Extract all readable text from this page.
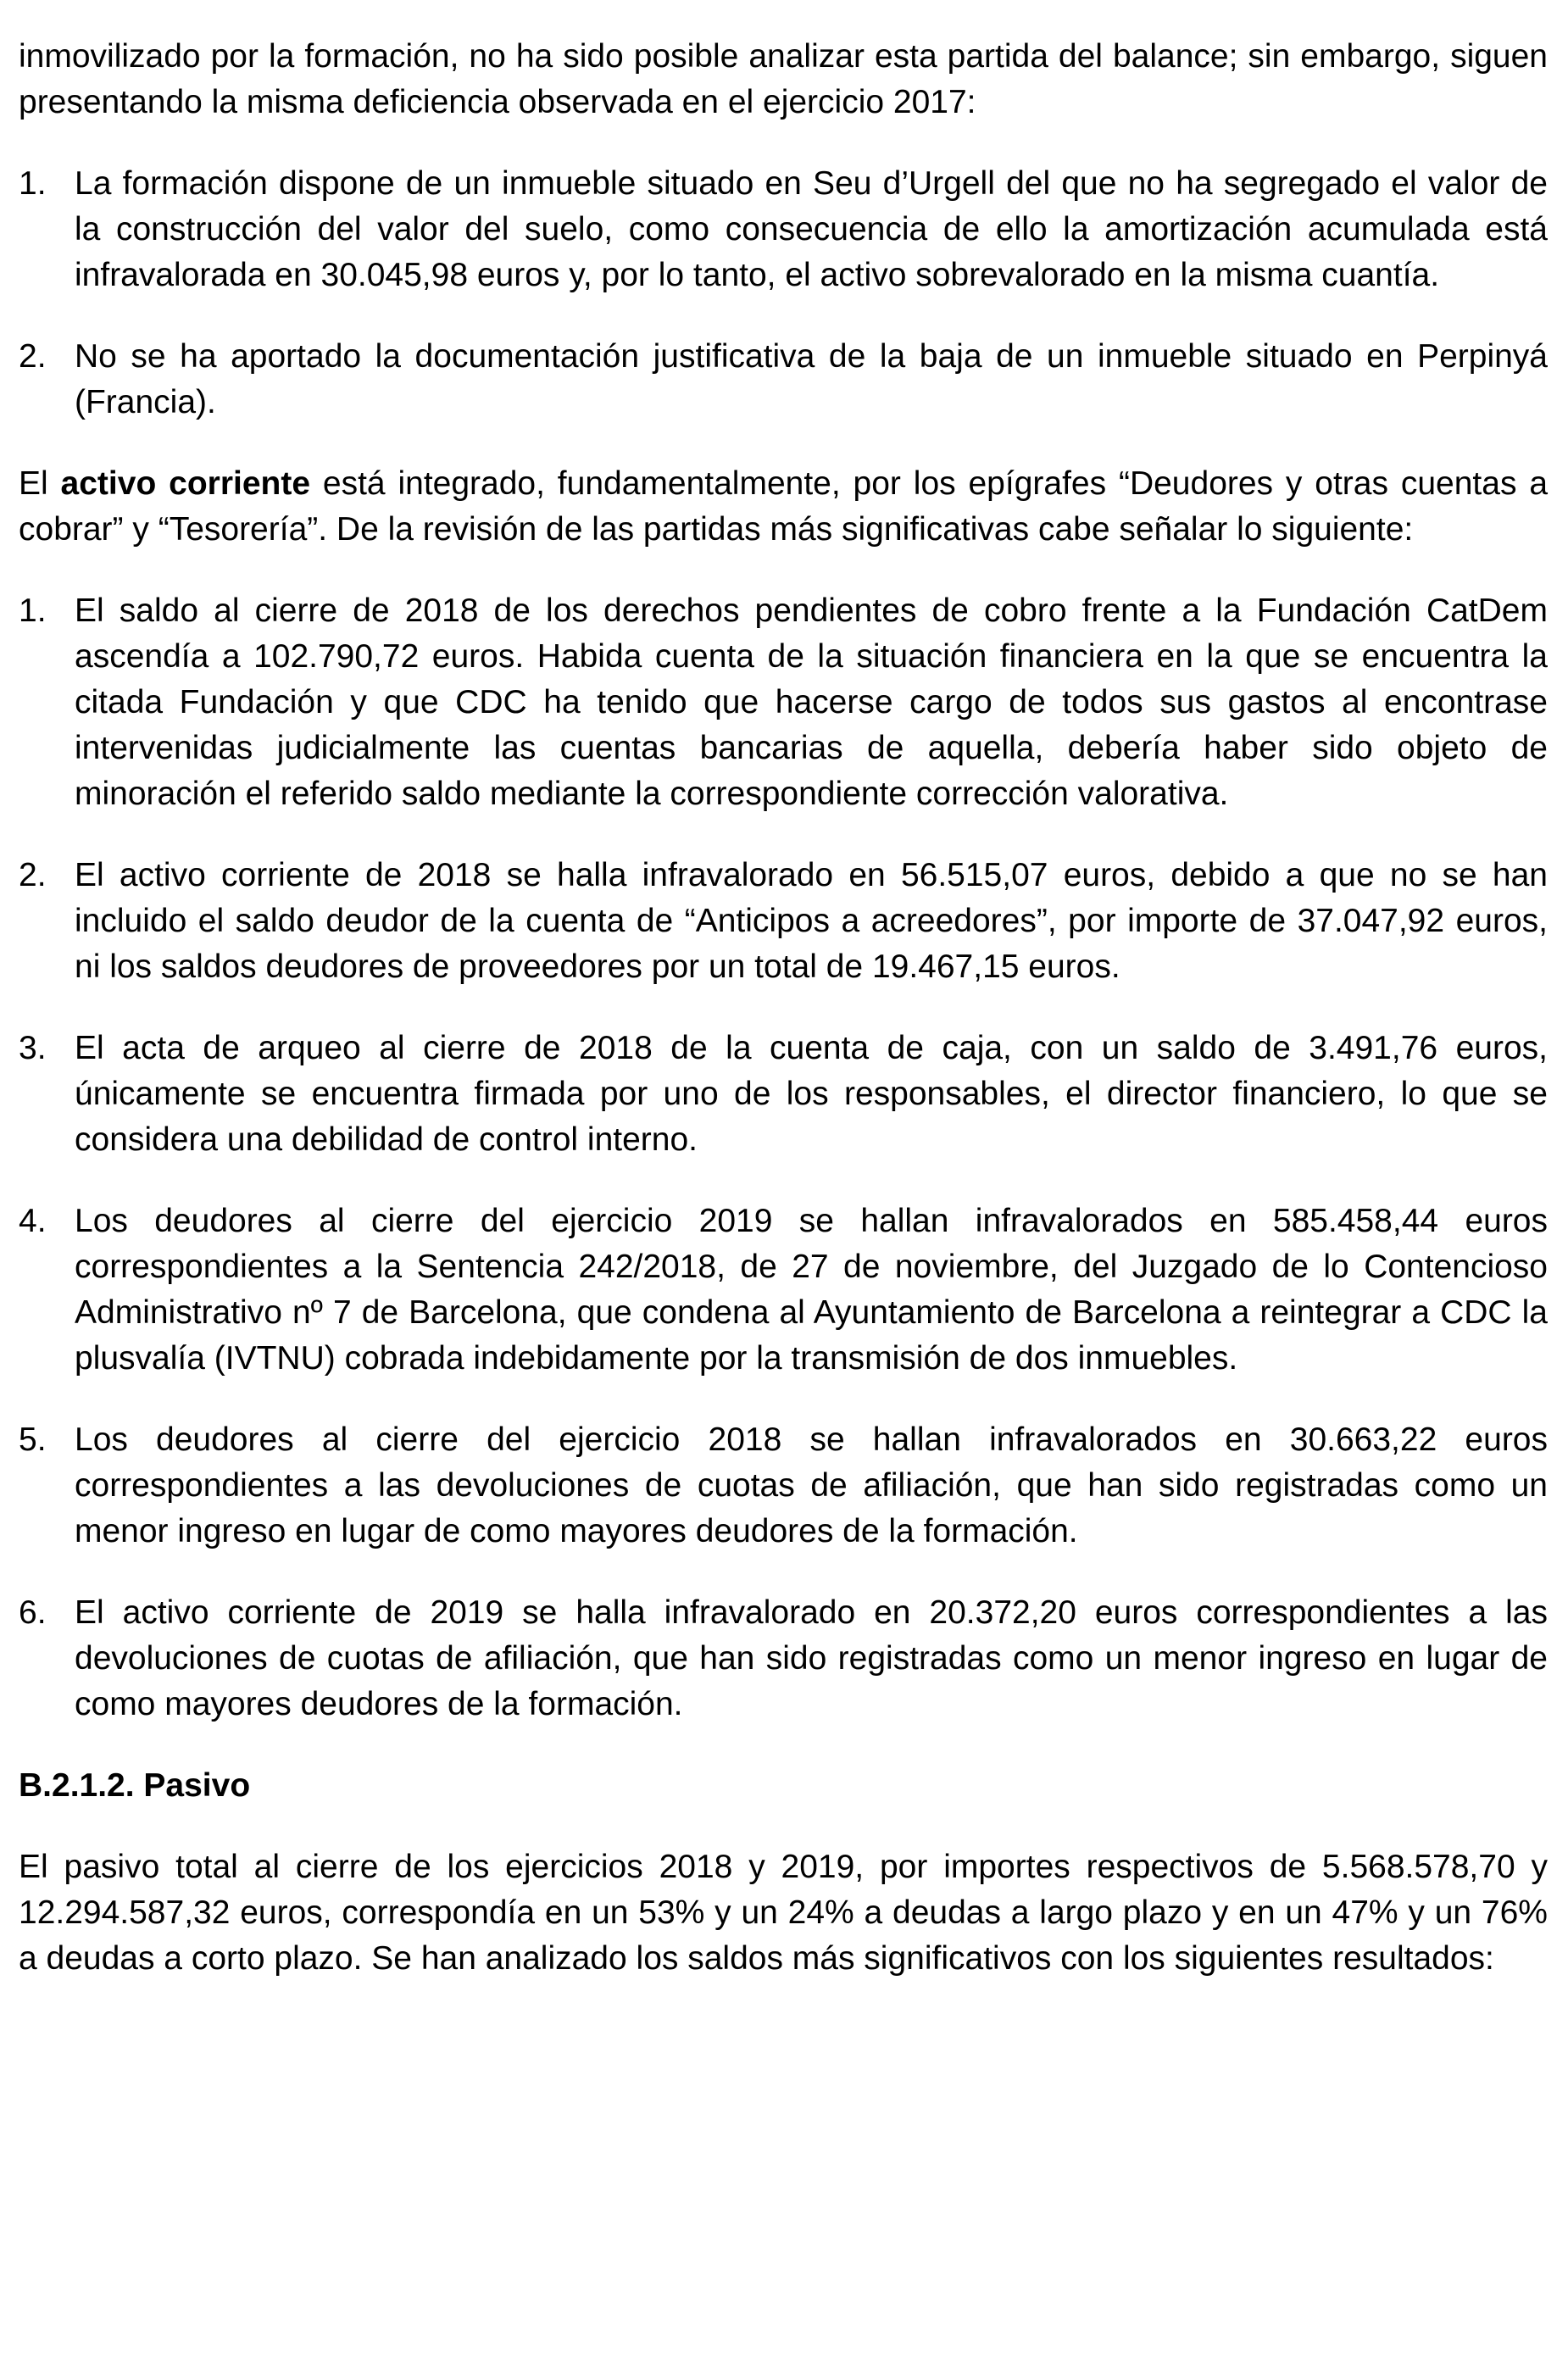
inmovilizado por la formación, no ha sido posible analizar esta partida del balance; sin embargo, siguen presentando la misma deficiencia observada en el ejercicio 2017:

1. La formación dispone de un inmueble situado en Seu d’Urgell del que no ha segregado el valor de la construcción del valor del suelo, como consecuencia de ello la amortización acumulada está infravalorada en 30.045,98 euros y, por lo tanto, el activo sobrevalorado en la misma cuantía.
2. No se ha aportado la documentación justificativa de la baja de un inmueble situado en Perpinyá (Francia).

El activo corriente está integrado, fundamentalmente, por los epígrafes “Deudores y otras cuentas a cobrar” y “Tesorería”. De la revisión de las partidas más significativas cabe señalar lo siguiente:

1. El saldo al cierre de 2018 de los derechos pendientes de cobro frente a la Fundación CatDem ascendía a 102.790,72 euros. Habida cuenta de la situación financiera en la que se encuentra la citada Fundación y que CDC ha tenido que hacerse cargo de todos sus gastos al encontrase intervenidas judicialmente las cuentas bancarias de aquella, debería haber sido objeto de minoración el referido saldo mediante la correspondiente corrección valorativa.
2. El activo corriente de 2018 se halla infravalorado en 56.515,07 euros, debido a que no se han incluido el saldo deudor de la cuenta de “Anticipos a acreedores”, por importe de 37.047,92 euros, ni los saldos deudores de proveedores por un total de 19.467,15 euros.
3. El acta de arqueo al cierre de 2018 de la cuenta de caja, con un saldo de 3.491,76 euros, únicamente se encuentra firmada por uno de los responsables, el director financiero, lo que se considera una debilidad de control interno.
4. Los deudores al cierre del ejercicio 2019 se hallan infravalorados en 585.458,44 euros correspondientes a la Sentencia 242/2018, de 27 de noviembre, del Juzgado de lo Contencioso Administrativo nº 7 de Barcelona, que condena al Ayuntamiento de Barcelona a reintegrar a CDC la plusvalía (IVTNU) cobrada indebidamente por la transmisión de dos inmuebles.
5. Los deudores al cierre del ejercicio 2018 se hallan infravalorados en 30.663,22 euros correspondientes a las devoluciones de cuotas de afiliación, que han sido registradas como un menor ingreso en lugar de como mayores deudores de la formación.
6. El activo corriente de 2019 se halla infravalorado en 20.372,20 euros correspondientes a las devoluciones de cuotas de afiliación, que han sido registradas como un menor ingreso en lugar de como mayores deudores de la formación.

B.2.1.2. Pasivo

El pasivo total al cierre de los ejercicios 2018 y 2019, por importes respectivos de 5.568.578,70 y 12.294.587,32 euros, correspondía en un 53% y un 24% a deudas a largo plazo y en un 47% y un 76% a deudas a corto plazo. Se han analizado los saldos más significativos con los siguientes resultados:
